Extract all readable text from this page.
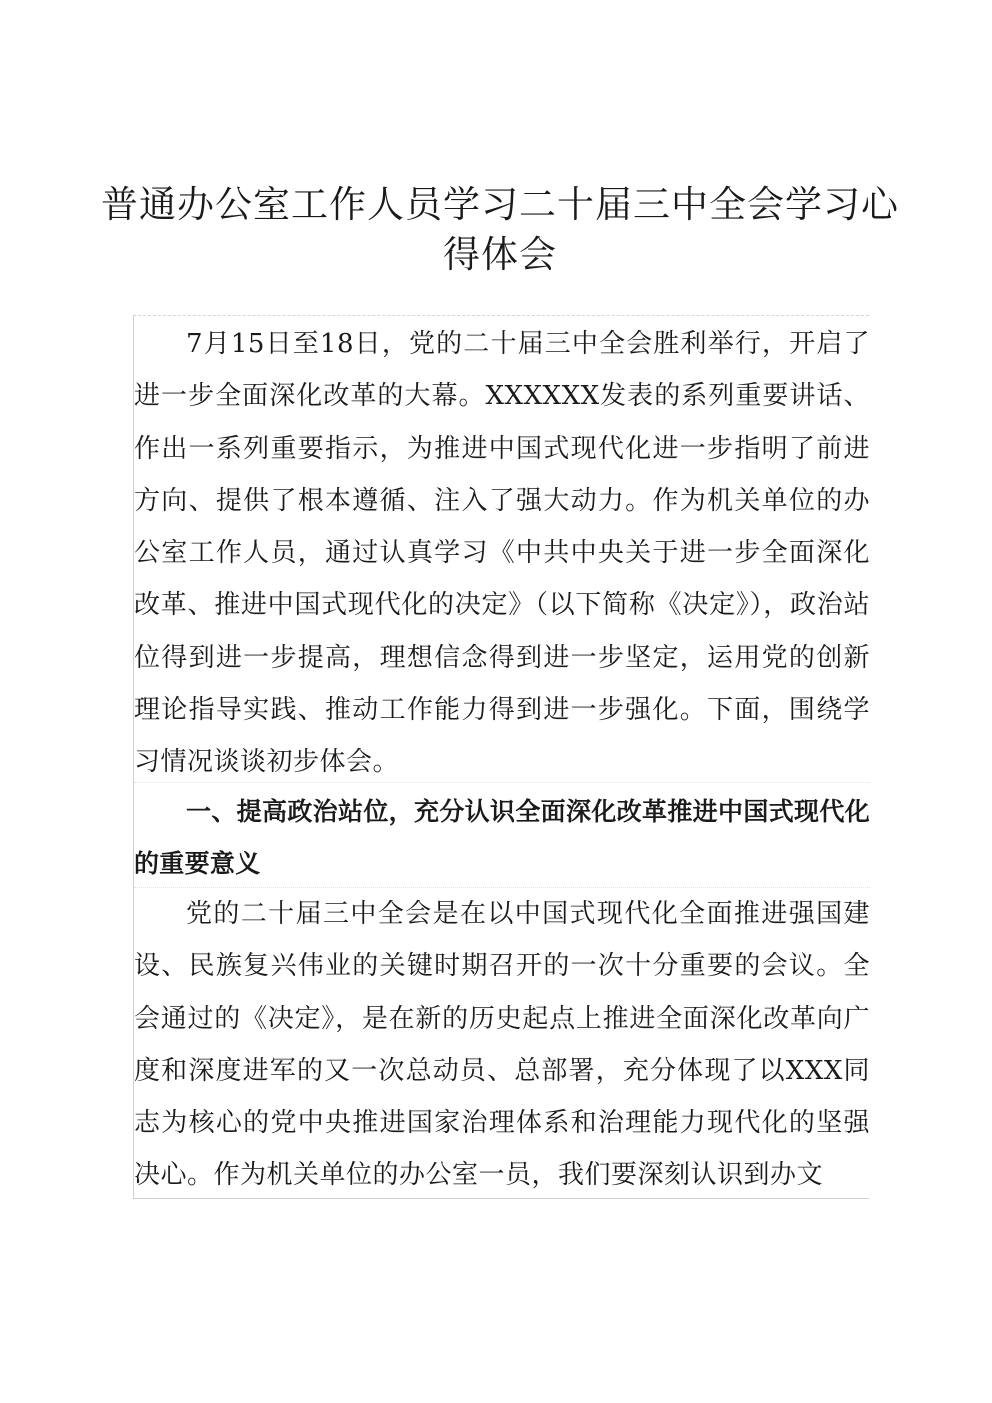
普通办公室工作人员学习二十届三中全会学习心得体会

7月15日至18日，党的二十届三中全会胜利举行，开启了进一步全面深化改革的大幕。XXXXXX发表的系列重要讲话、作出一系列重要指示，为推进中国式现代化进一步指明了前进方向、提供了根本遵循、注入了强大动力。作为机关单位的办公室工作人员，通过认真学习《中共中央关于进一步全面深化改革、推进中国式现代化的决定》（以下简称《决定》），政治站位得到进一步提高，理想信念得到进一步坚定，运用党的创新理论指导实践、推动工作能力得到进一步强化。下面，围绕学习情况谈谈初步体会。

一、提高政治站位，充分认识全面深化改革推进中国式现代化的重要意义

党的二十届三中全会是在以中国式现代化全面推进强国建设、民族复兴伟业的关键时期召开的一次十分重要的会议。全会通过的《决定》，是在新的历史起点上推进全面深化改革向广度和深度进军的又一次总动员、总部署，充分体现了以XXX同志为核心的党中央推进国家治理体系和治理能力现代化的坚强决心。作为机关单位的办公室一员，我们要深刻认识到办文
